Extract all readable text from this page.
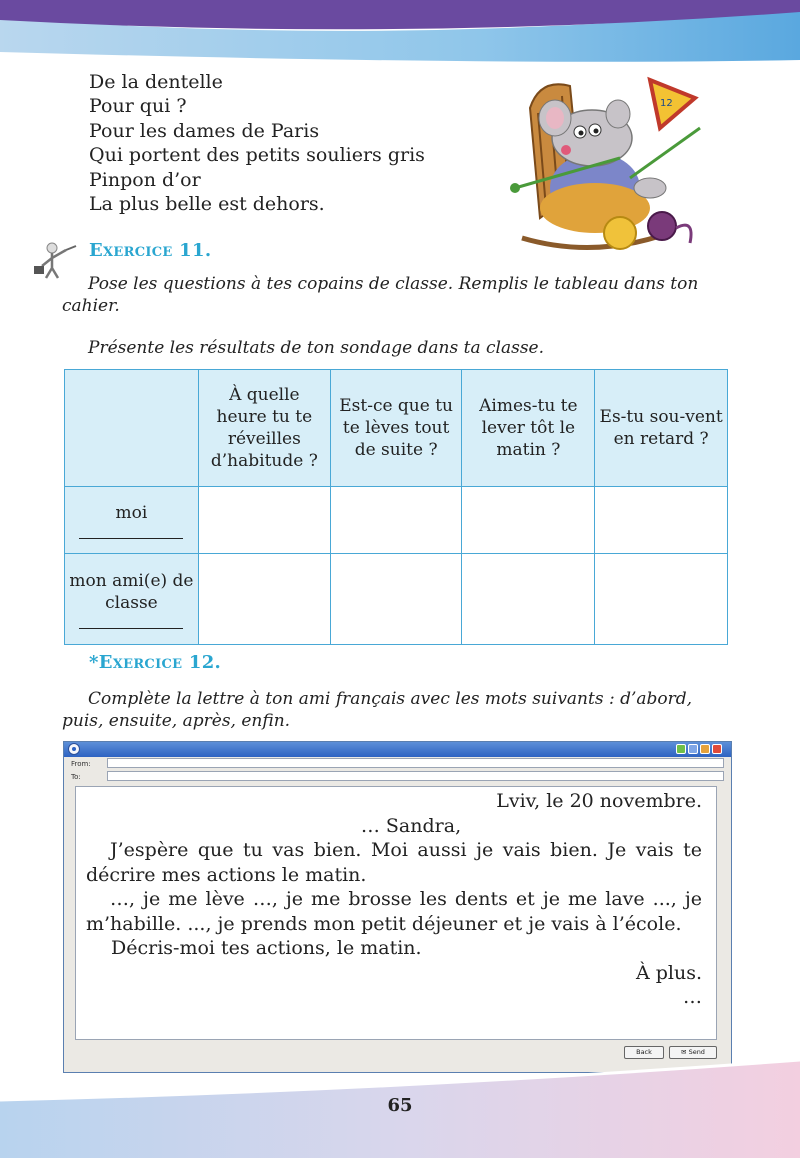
De la dentelle
Pour qui ?
Pour les dames de Paris
Qui portent des petits souliers gris
Pinpon d’or
La plus belle est dehors.
12
Exercice 11.
Pose les questions à tes copains de classe. Remplis le tableau dans ton cahier.
Présente les résultats de ton sondage dans ta classe.
	À quelle heure tu te réveilles d’habitude ?	Est-ce que tu te lèves tout de suite ?	Aimes-tu te lever tôt le matin ?	Es-tu sou-vent en retard ?
moi

mon ami(e) de classe

*Exercice 12.
Complète la lettre à ton ami français avec les mots suivants : d’abord, puis, ensuite, après, enfin.
From:
To:
Lviv, le 20 novembre.
… Sandra,
J’espère que tu vas bien. Moi aussi je vais bien. Je vais te décrire mes actions le matin.
…, je me lève …, je me brosse les dents et je me lave ..., je m’habille. ..., je prends mon petit déjeuner et je vais à l’école.
Décris-moi tes actions, le matin.
À plus.
…
Back	✉ Send
65
